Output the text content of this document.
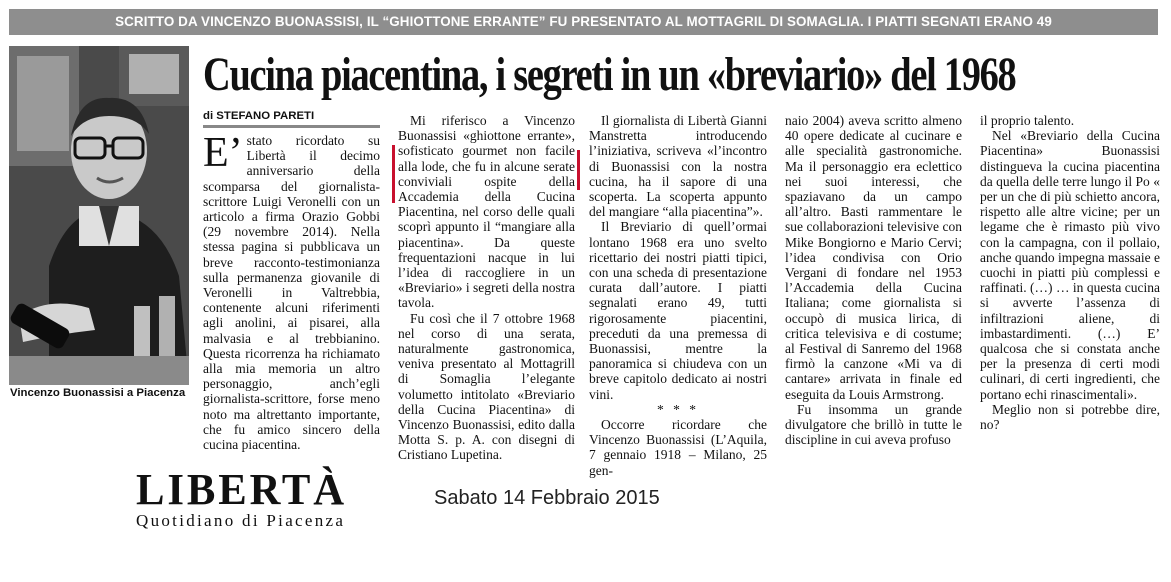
SCRITTO DA VINCENZO BUONASSISI, IL “GHIOTTONE ERRANTE” FU PRESENTATO AL MOTTAGRIL DI SOMAGLIA. I PIATTI SEGNATI ERANO 49
Vincenzo Buonassisi a Piacenza
Cucina piacentina, i segreti in un «breviario» del 1968
di STEFANO PARETI

E’ stato ricordato su Libertà il decimo anniversario della scomparsa del giornalista-scrittore Luigi Veronelli con un articolo a firma Orazio Gobbi (29 novembre 2014). Nella stessa pagina si pubblicava un breve racconto-testimonianza sulla permanenza giovanile di Veronelli in Valtrebbia, contenente alcuni riferimenti agli anolini, ai pisarei, alla malvasia e al trebbianino. Questa ricorrenza ha richiamato alla mia memoria un altro personaggio, anch’egli giornalista-scrittore, forse meno noto ma altrettanto importante, che fu amico sincero della cucina piacentina.

Mi riferisco a Vincenzo Buonassisi «ghiottone errante», sofisticato gourmet non facile alla lode, che fu in alcune serate conviviali ospite della Accademia della Cucina Piacentina, nel corso delle quali scoprì appunto il “mangiare alla piacentina». Da queste frequentazioni nacque in lui l’idea di raccogliere in un «Breviario» i segreti della nostra tavola.

Fu così che il 7 ottobre 1968 nel corso di una serata, naturalmente gastronomica, veniva presentato al Mottagrill di Somaglia l’elegante volumetto intitolato «Breviario della Cucina Piacentina» di Vincenzo Buonassisi, edito dalla Motta S. p. A. con disegni di Cristiano Lupetina.

Il giornalista di Libertà Gianni Manstretta introducendo l’iniziativa, scriveva «l’incontro di Buonassisi con la nostra cucina, ha il sapore di una scoperta. La scoperta appunto del mangiare “alla piacentina”».

Il Breviario di quell’ormai lontano 1968 era uno svelto ricettario dei nostri piatti tipici, con una scheda di presentazione curata dall’autore. I piatti segnalati erano 49, tutti rigorosamente piacentini, preceduti da una premessa di Buonassisi, mentre la panoramica si chiudeva con un breve capitolo dedicato ai nostri vini.

* * *

Occorre ricordare che Vincenzo Buonassisi (L’Aquila, 7 gennaio 1918 – Milano, 25 gen-

naio 2004) aveva scritto almeno 40 opere dedicate al cucinare e alle specialità gastronomiche. Ma il personaggio era eclettico nei suoi interessi, che spaziavano da un campo all’altro. Basti rammentare le sue collaborazioni televisive con Mike Bongiorno e Mario Cervi; l’idea condivisa con Orio Vergani di fondare nel 1953 l’Accademia della Cucina Italiana; come giornalista si occupò di musica lirica, di critica televisiva e di costume; al Festival di Sanremo del 1968 firmò la canzone «Mi va di cantare» arrivata in finale ed eseguita da Louis Armstrong.

Fu insomma un grande divulgatore che brillò in tutte le discipline in cui aveva profuso

il proprio talento.

Nel «Breviario della Cucina Piacentina» Buonassisi distingueva la cucina piacentina da quella delle terre lungo il Po « per un che di più schietto ancora, rispetto alle altre vicine; per un legame che è rimasto più vivo con la campagna, con il pollaio, anche quando impegna massaie e cuochi in piatti più complessi e raffinati. (…) … in questa cucina si avverte l’assenza di infiltrazioni aliene, di imbastardimenti. (…) E’ qualcosa che si constata anche per la presenza di certi modi culinari, di certi ingredienti, che portano echi rinascimentali».

Meglio non si potrebbe dire, no?

LIBERTÀ
Quotidiano di Piacenza
Sabato 14 Febbraio 2015
